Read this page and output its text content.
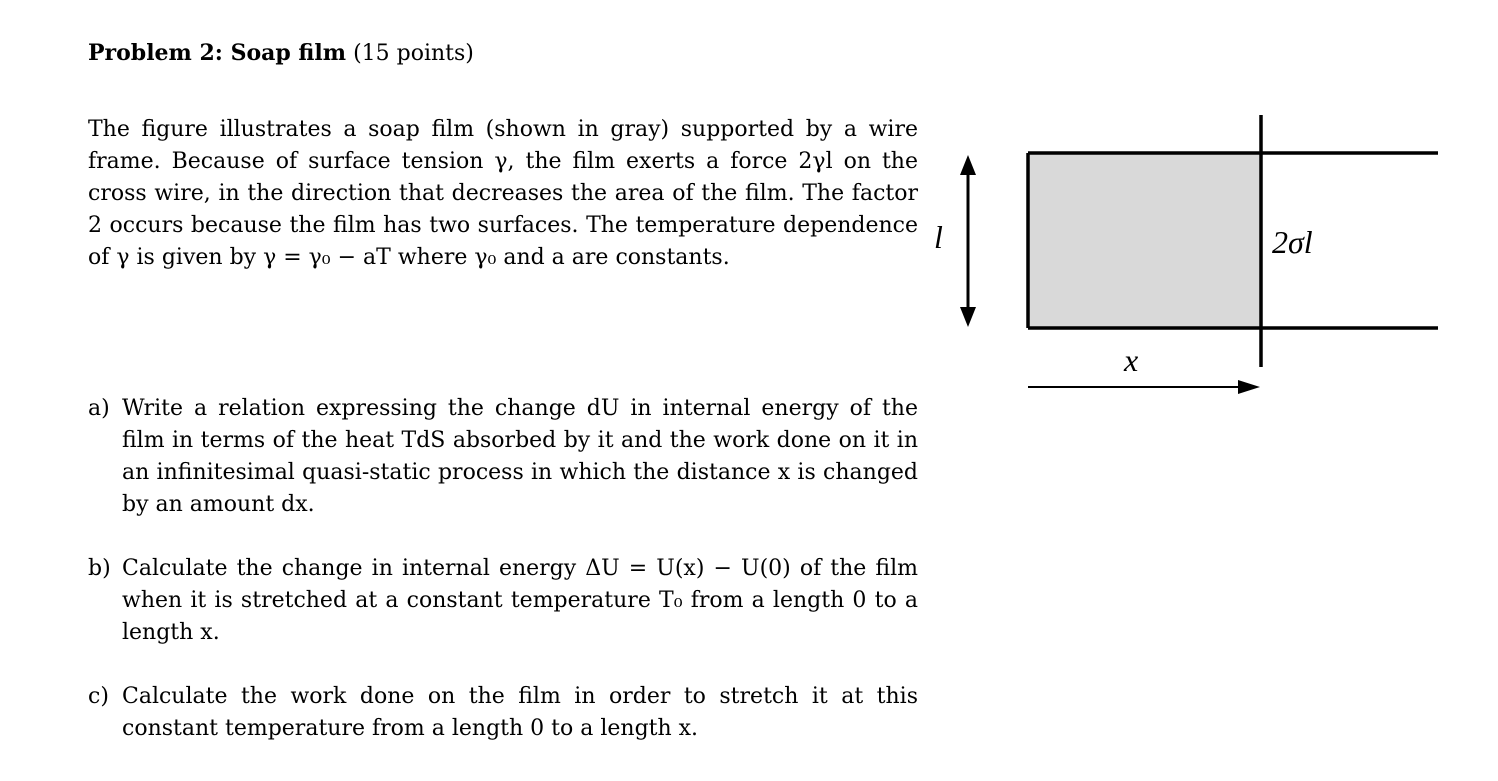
Problem 2: Soap film (15 points)

The figure illustrates a soap film (shown in gray) supported by a wire frame. Because of surface tension γ, the film exerts a force 2γl on the cross wire, in the direction that decreases the area of the film. The factor 2 occurs because the film has two surfaces. The temperature dependence of γ is given by γ = γ₀ − aT where γ₀ and a are constants.

a) Write a relation expressing the change dU in internal energy of the film in terms of the heat TdS absorbed by it and the work done on it in an infinitesimal quasi-static process in which the distance x is changed by an amount dx.
b) Calculate the change in internal energy ΔU = U(x) − U(0) of the film when it is stretched at a constant temperature T₀ from a length 0 to a length x.
c) Calculate the work done on the film in order to stretch it at this constant temperature from a length 0 to a length x.
l	2σl
x
